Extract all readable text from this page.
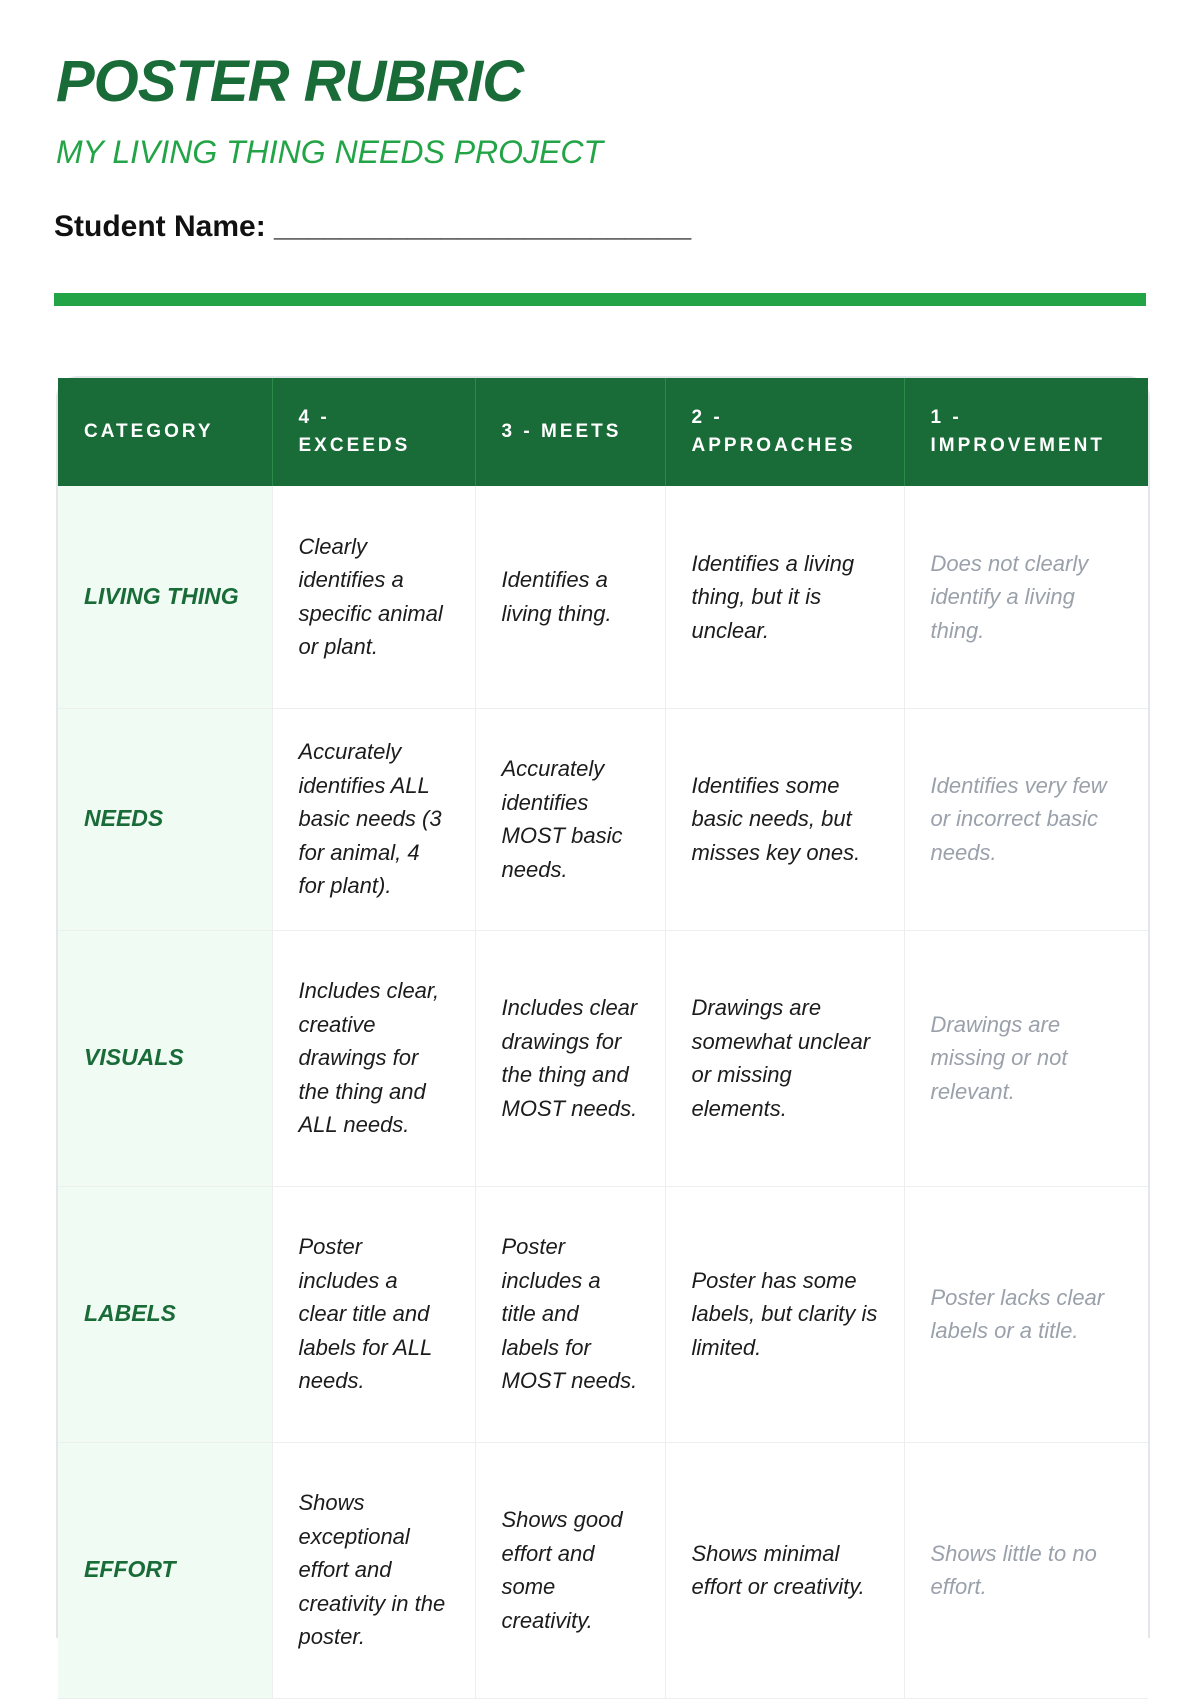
POSTER RUBRIC
MY LIVING THING NEEDS PROJECT
Student Name: _________________________
CATEGORY	4 - EXCEEDS	3 - MEETS	2 - APPROACHES	1 - IMPROVEMENT
LIVING THING	Clearly identifies a specific animal or plant.	Identifies a living thing.	Identifies a living thing, but it is unclear.	Does not clearly identify a living thing.
NEEDS	Accurately identifies ALL basic needs (3 for animal, 4 for plant).	Accurately identifies MOST basic needs.	Identifies some basic needs, but misses key ones.	Identifies very few or incorrect basic needs.
VISUALS	Includes clear, creative drawings for the thing and ALL needs.	Includes clear drawings for the thing and MOST needs.	Drawings are somewhat unclear or missing elements.	Drawings are missing or not relevant.
LABELS	Poster includes a clear title and labels for ALL needs.	Poster includes a title and labels for MOST needs.	Poster has some labels, but clarity is limited.	Poster lacks clear labels or a title.
EFFORT	Shows exceptional effort and creativity in the poster.	Shows good effort and some creativity.	Shows minimal effort or creativity.	Shows little to no effort.
